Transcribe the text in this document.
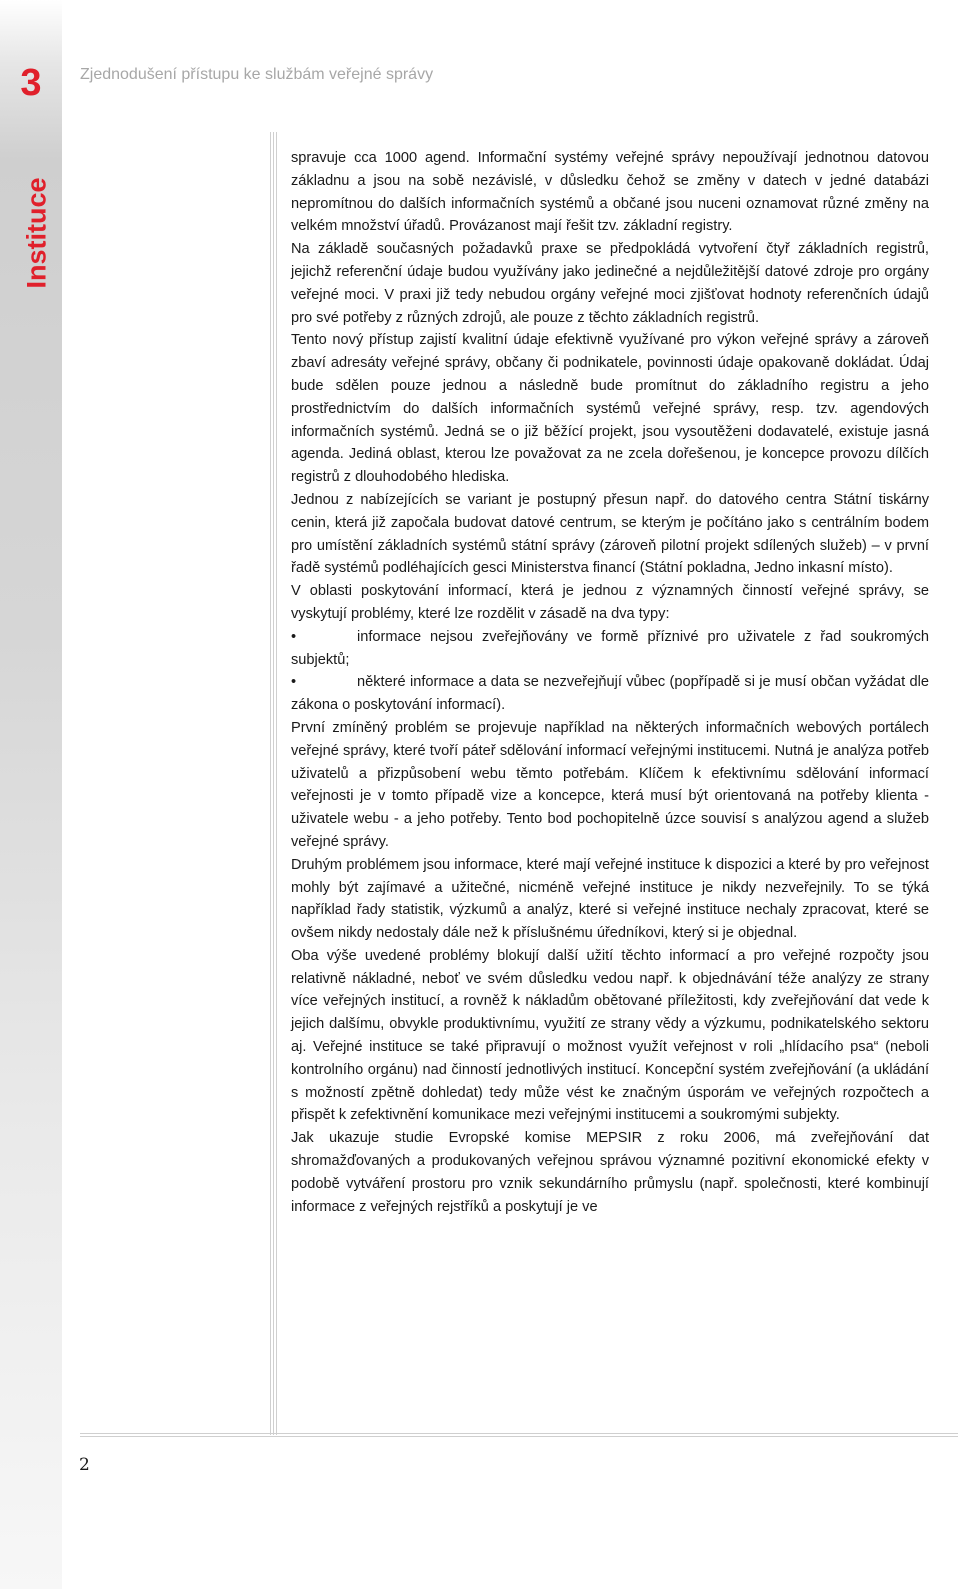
3	Zjednodušení přístupu ke službám veřejné správy
Instituce

spravuje cca 1000 agend. Informační systémy veřejné správy nepoužívají jednotnou datovou základnu a jsou na sobě nezávislé, v důsledku čehož se změny v datech v jedné databázi nepromítnou do dalších informačních systémů a občané jsou nuceni oznamovat různé změny na velkém množství úřadů. Provázanost mají řešit tzv. základní registry.

Na základě současných požadavků praxe se předpokládá vytvoření čtyř základních registrů, jejichž referenční údaje budou využívány jako jedinečné a nejdůležitější datové zdroje pro orgány veřejné moci. V praxi již tedy nebudou orgány veřejné moci zjišťovat hodnoty referenčních údajů pro své potřeby z různých zdrojů, ale pouze z těchto základních registrů.

Tento nový přístup zajistí kvalitní údaje efektivně využívané pro výkon veřejné správy a zároveň zbaví adresáty veřejné správy, občany či podnikatele, povinnosti údaje opakovaně dokládat. Údaj bude sdělen pouze jednou a následně bude promítnut do základního registru a jeho prostřednictvím do dalších informačních systémů veřejné správy, resp. tzv. agendových informačních systémů. Jedná se o již běžící projekt, jsou vysoutěženi dodavatelé, existuje jasná agenda. Jediná oblast, kterou lze považovat za ne zcela dořešenou, je koncepce provozu dílčích registrů z dlouhodobého hlediska.

Jednou z nabízejících se variant je postupný přesun např. do datového centra Státní tiskárny cenin, která již započala budovat datové centrum, se kterým je počítáno jako s centrálním bodem pro umístění základních systémů státní správy (zároveň pilotní projekt sdílených služeb) – v první řadě systémů podléhajících gesci Ministerstva financí (Státní pokladna, Jedno inkasní místo).

V oblasti poskytování informací, která je jednou z významných činností veřejné správy, se vyskytují problémy, které lze rozdělit v zásadě na dva typy:

•	informace nejsou zveřejňovány ve formě příznivé pro uživatele z řad soukromých subjektů;

•	některé informace a data se nezveřejňují vůbec (popřípadě si je musí občan vyžádat dle zákona o poskytování informací).

První zmíněný problém se projevuje například na některých informačních webových portálech veřejné správy, které tvoří páteř sdělování informací veřejnými institucemi. Nutná je analýza potřeb uživatelů a přizpůsobení webu těmto potřebám. Klíčem k efektivnímu sdělování informací veřejnosti je v tomto případě vize a koncepce, která musí být orientovaná na potřeby klienta -uživatele webu - a jeho potřeby. Tento bod pochopitelně úzce souvisí s analýzou agend a služeb veřejné správy.

Druhým problémem jsou informace, které mají veřejné instituce k dispozici a které by pro veřejnost mohly být zajímavé a užitečné, nicméně veřejné instituce je nikdy nezveřejnily. To se týká například řady statistik, výzkumů a analýz, které si veřejné instituce nechaly zpracovat, které se ovšem nikdy nedostaly dále než k příslušnému úředníkovi, který si je objednal.

Oba výše uvedené problémy blokují další užití těchto informací a pro veřejné rozpočty jsou relativně nákladné, neboť ve svém důsledku vedou např. k objednávání téže analýzy ze strany více veřejných institucí, a rovněž k nákladům obětované příležitosti, kdy zveřejňování dat vede k jejich dalšímu, obvykle produktivnímu, využití ze strany vědy a výzkumu, podnikatelského sektoru aj. Veřejné instituce se také připravují o možnost využít veřejnost v roli „hlídacího psa“ (neboli kontrolního orgánu) nad činností jednotlivých institucí. Koncepční systém zveřejňování (a ukládání s možností zpětně dohledat) tedy může vést ke značným úsporám ve veřejných rozpočtech a přispět k zefektivnění komunikace mezi veřejnými institucemi a soukromými subjekty.

Jak ukazuje studie Evropské komise MEPSIR z roku 2006, má zveřejňování dat shromažďovaných a produkovaných veřejnou správou významné pozitivní ekonomické efekty v podobě vytváření prostoru pro vznik sekundárního průmyslu (např. společnosti, které kombinují informace z veřejných rejstříků a poskytují je ve

2
